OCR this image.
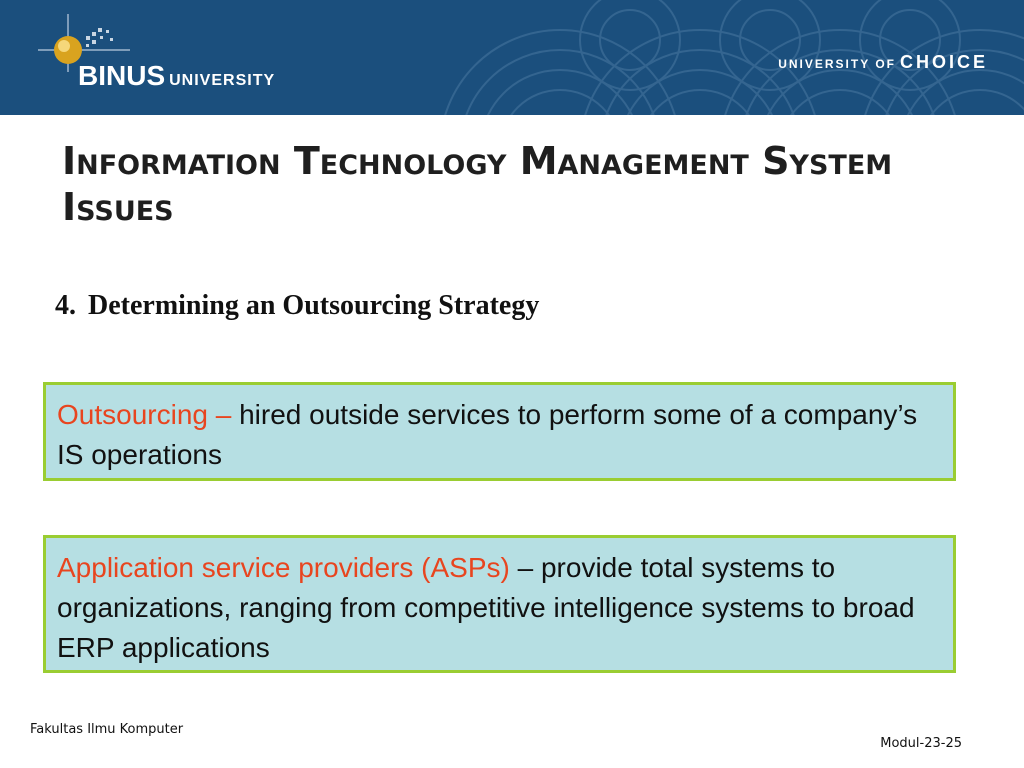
BINUS UNIVERSITY
UNIVERSITY OF CHOICE
Information Technology Management System Issues
4. Determining an Outsourcing Strategy
Outsourcing – hired outside services to perform some of a company’s IS operations
Application service providers (ASPs) – provide total systems to organizations, ranging from competitive intelligence systems to broad ERP applications
Fakultas Ilmu Komputer
Modul-23-25
